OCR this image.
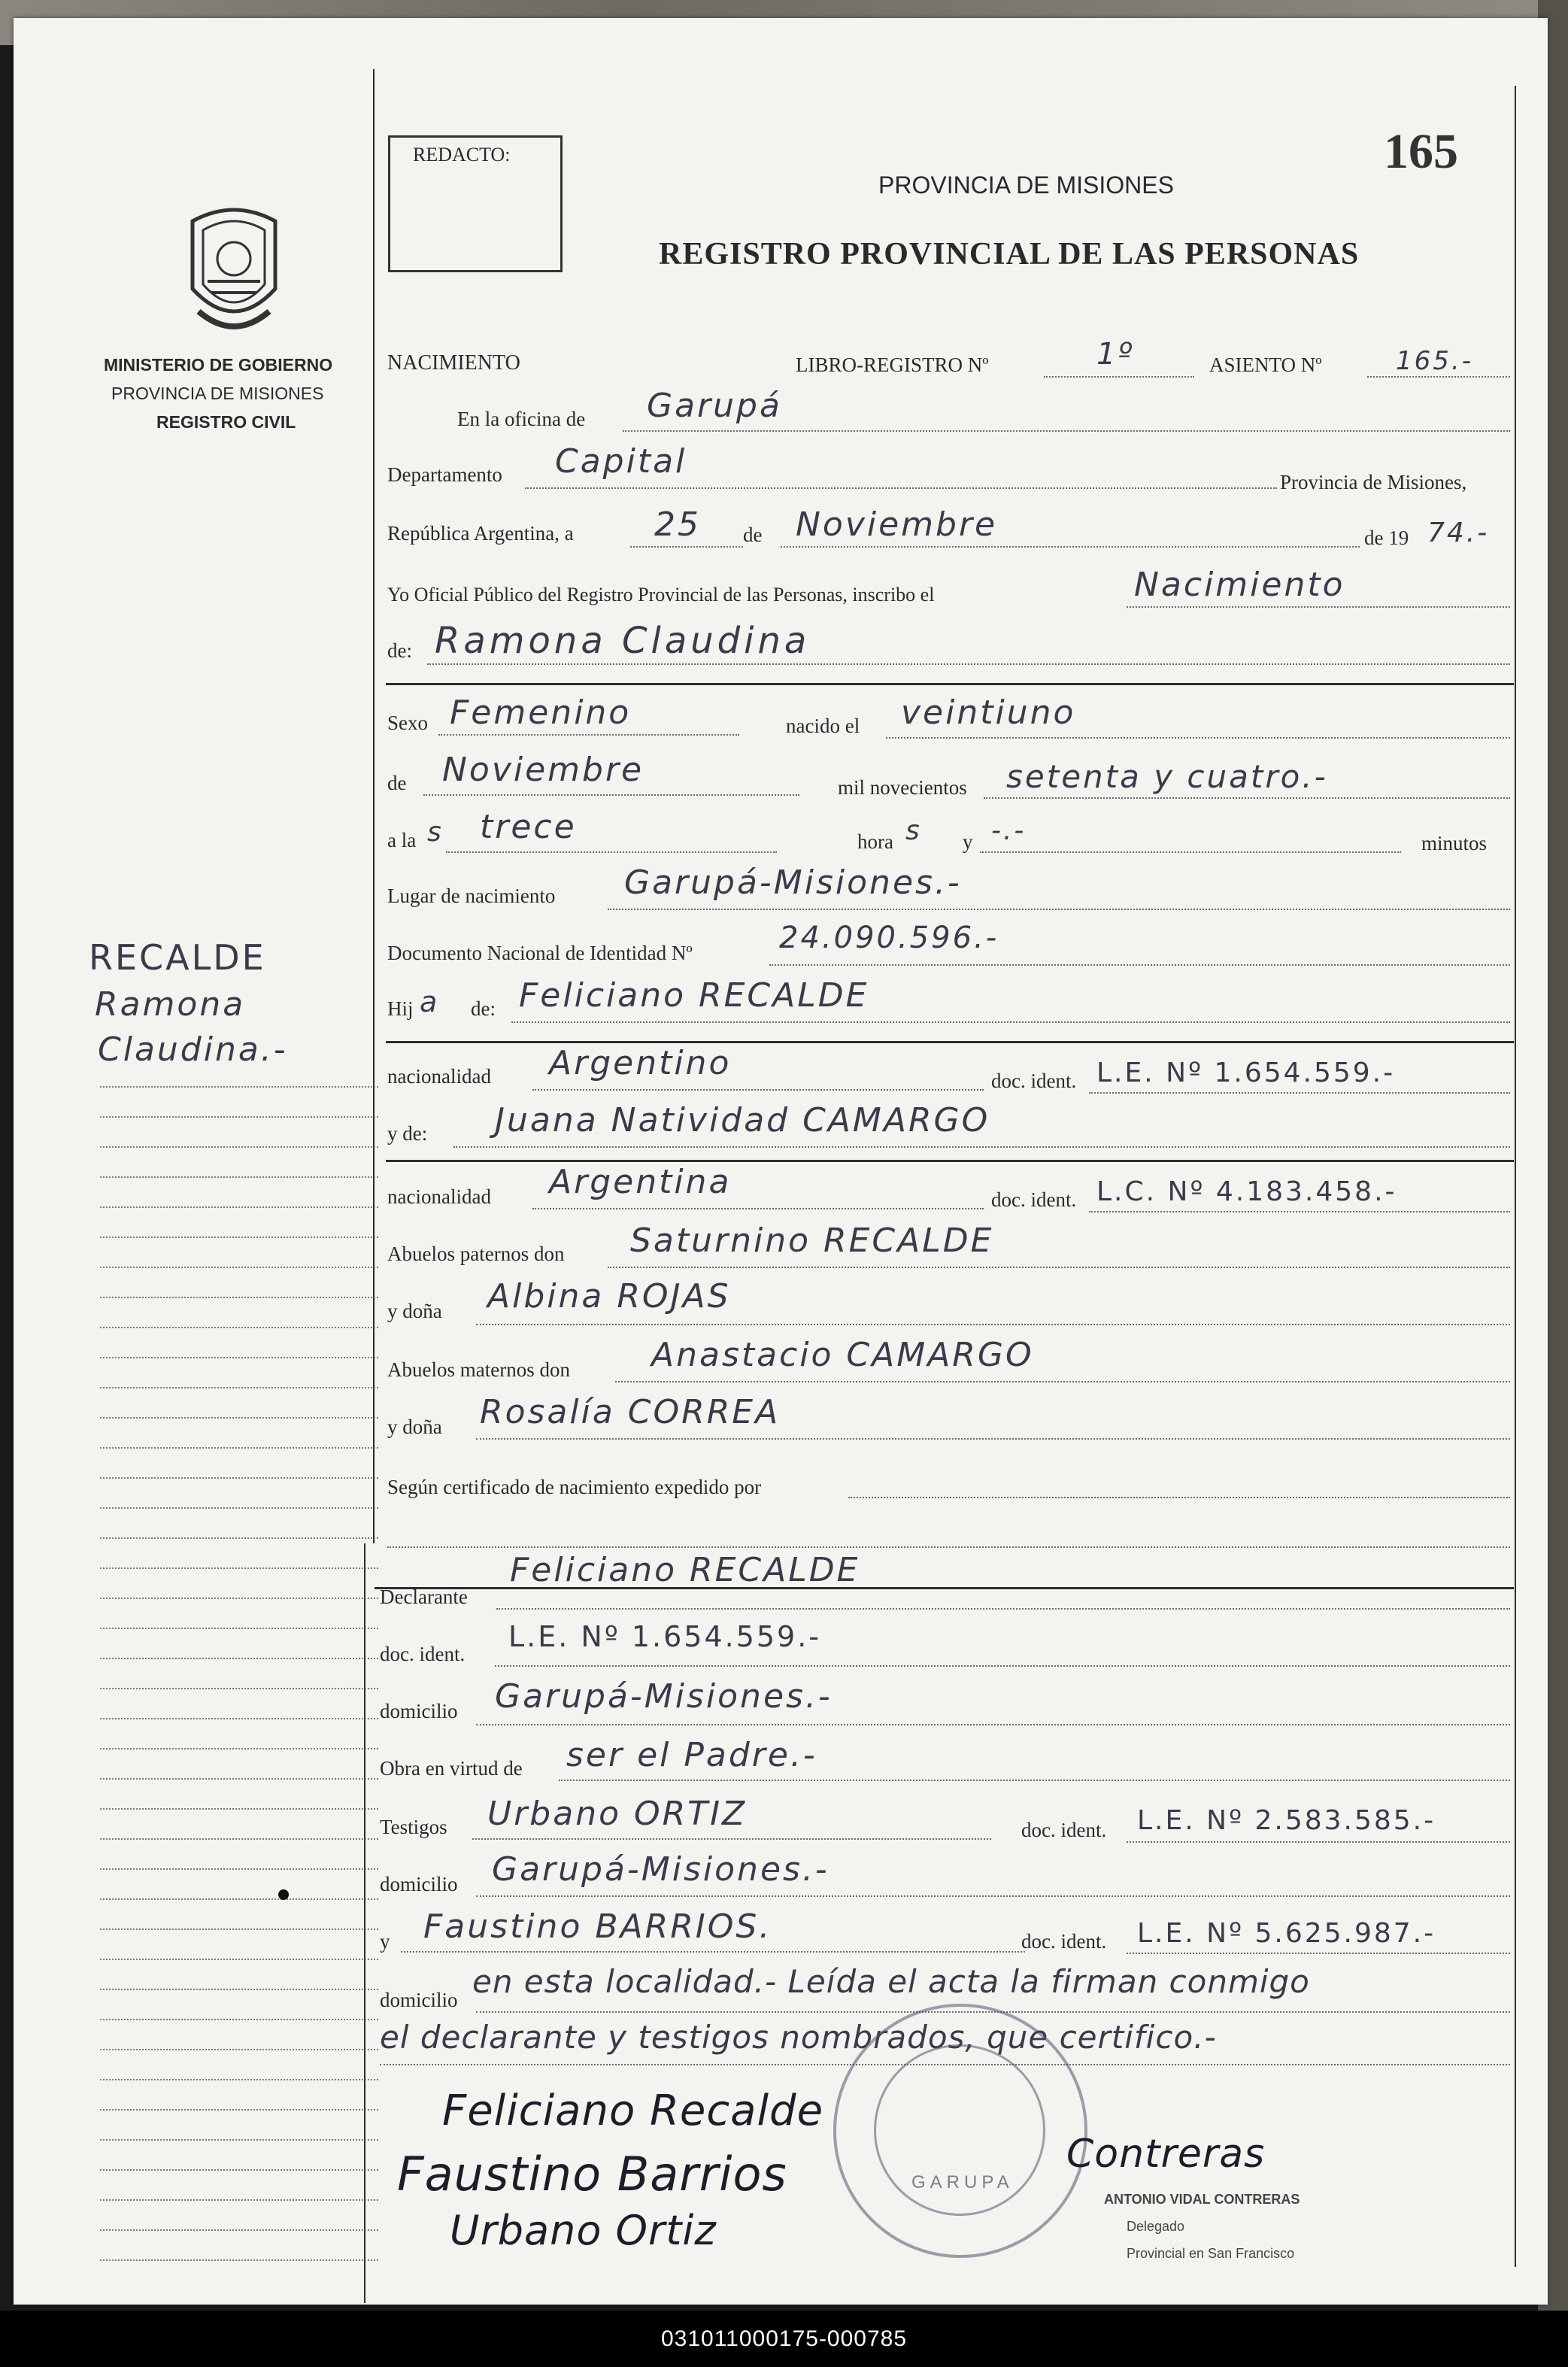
165
REDACTO:
PROVINCIA DE MISIONES
REGISTRO PROVINCIAL DE LAS PERSONAS
MINISTERIO DE GOBIERNO
PROVINCIA DE MISIONES
REGISTRO CIVIL
RECALDE
Ramona
Claudina.-
NACIMIENTO	LIBRO-REGISTRO Nº	1º	ASIENTO Nº	165.-
En la oficina de Garupá
Departamento Capital
Provincia de Misiones,
República Argentina, a 25 de Noviembre	de 19 74.-
Yo Oficial Público del Registro Provincial de las Personas, inscribo el	Nacimiento
de: Ramona Claudina
Sexo Femenino	nacido el veintiuno
de Noviembre	mil novecientos setenta y cuatro.-
a la s trece	hora s y -.-	minutos
Lugar de nacimiento Garupá-Misiones.-
Documento Nacional de Identidad Nº	24.090.596.-
Hij a de: Feliciano RECALDE
nacionalidad Argentino	doc. ident. L.E. Nº 1.654.559.-
y de: Juana Natividad CAMARGO
nacionalidad Argentina	doc. ident. L.C. Nº 4.183.458.-
Abuelos paternos don Saturnino RECALDE
y doña Albina ROJAS
Abuelos maternos don Anastacio CAMARGO
y doña Rosalía CORREA
Según certificado de nacimiento expedido por
Declarante
Feliciano RECALDE
doc. ident.
L.E. Nº 1.654.559.-
domicilio Garupá-Misiones.-
Obra en virtud de ser el Padre.-
Testigos Urbano ORTIZ	doc. ident. L.E. Nº 2.583.585.-
domicilio Garupá-Misiones.-
y Faustino BARRIOS.	doc. ident. L.E. Nº 5.625.987.-
domicilio en esta localidad.- Leída el acta la firman conmigo
el declarante y testigos nombrados, que certifico.-
GARUPA
Feliciano Recalde
Faustino Barrios
Urbano Ortiz
Contreras
ANTONIO VIDAL CONTRERAS
Delegado
Provincial en San Francisco
031011000175-000785
